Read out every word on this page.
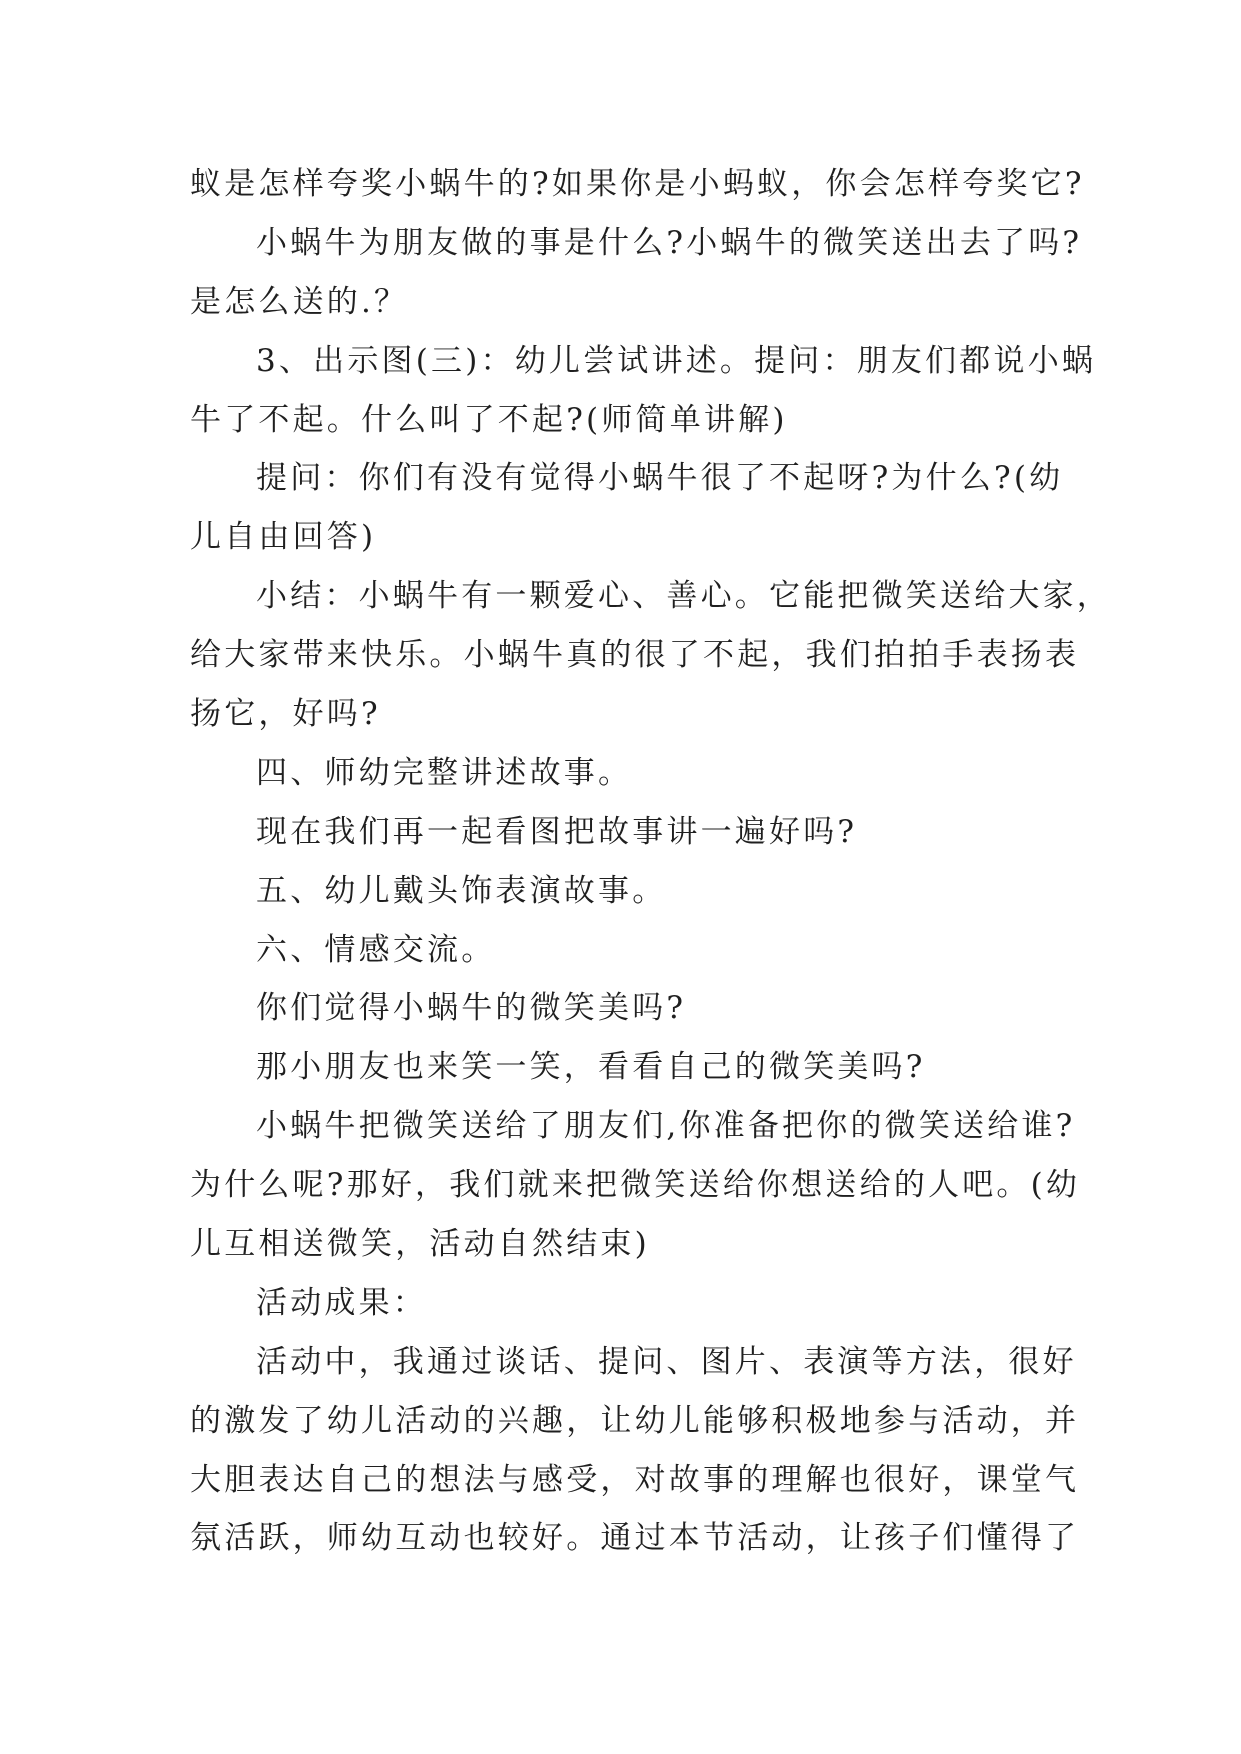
蚁是怎样夸奖小蜗牛的?如果你是小蚂蚁，你会怎样夸奖它?
小蜗牛为朋友做的事是什么?小蜗牛的微笑送出去了吗?
是怎么送的.？
3、出示图(三)：幼儿尝试讲述。提问：朋友们都说小蜗
牛了不起。什么叫了不起?(师简单讲解)
提问：你们有没有觉得小蜗牛很了不起呀?为什么?(幼
儿自由回答)
小结：小蜗牛有一颗爱心、善心。它能把微笑送给大家，
给大家带来快乐。小蜗牛真的很了不起，我们拍拍手表扬表
扬它，好吗?
四、师幼完整讲述故事。
现在我们再一起看图把故事讲一遍好吗?
五、幼儿戴头饰表演故事。
六、情感交流。
你们觉得小蜗牛的微笑美吗?
那小朋友也来笑一笑，看看自己的微笑美吗?
小蜗牛把微笑送给了朋友们,你准备把你的微笑送给谁?
为什么呢?那好，我们就来把微笑送给你想送给的人吧。(幼
儿互相送微笑，活动自然结束)
活动成果：
活动中，我通过谈话、提问、图片、表演等方法，很好
的激发了幼儿活动的兴趣，让幼儿能够积极地参与活动，并
大胆表达自己的想法与感受，对故事的理解也很好，课堂气
氛活跃，师幼互动也较好。通过本节活动，让孩子们懂得了
